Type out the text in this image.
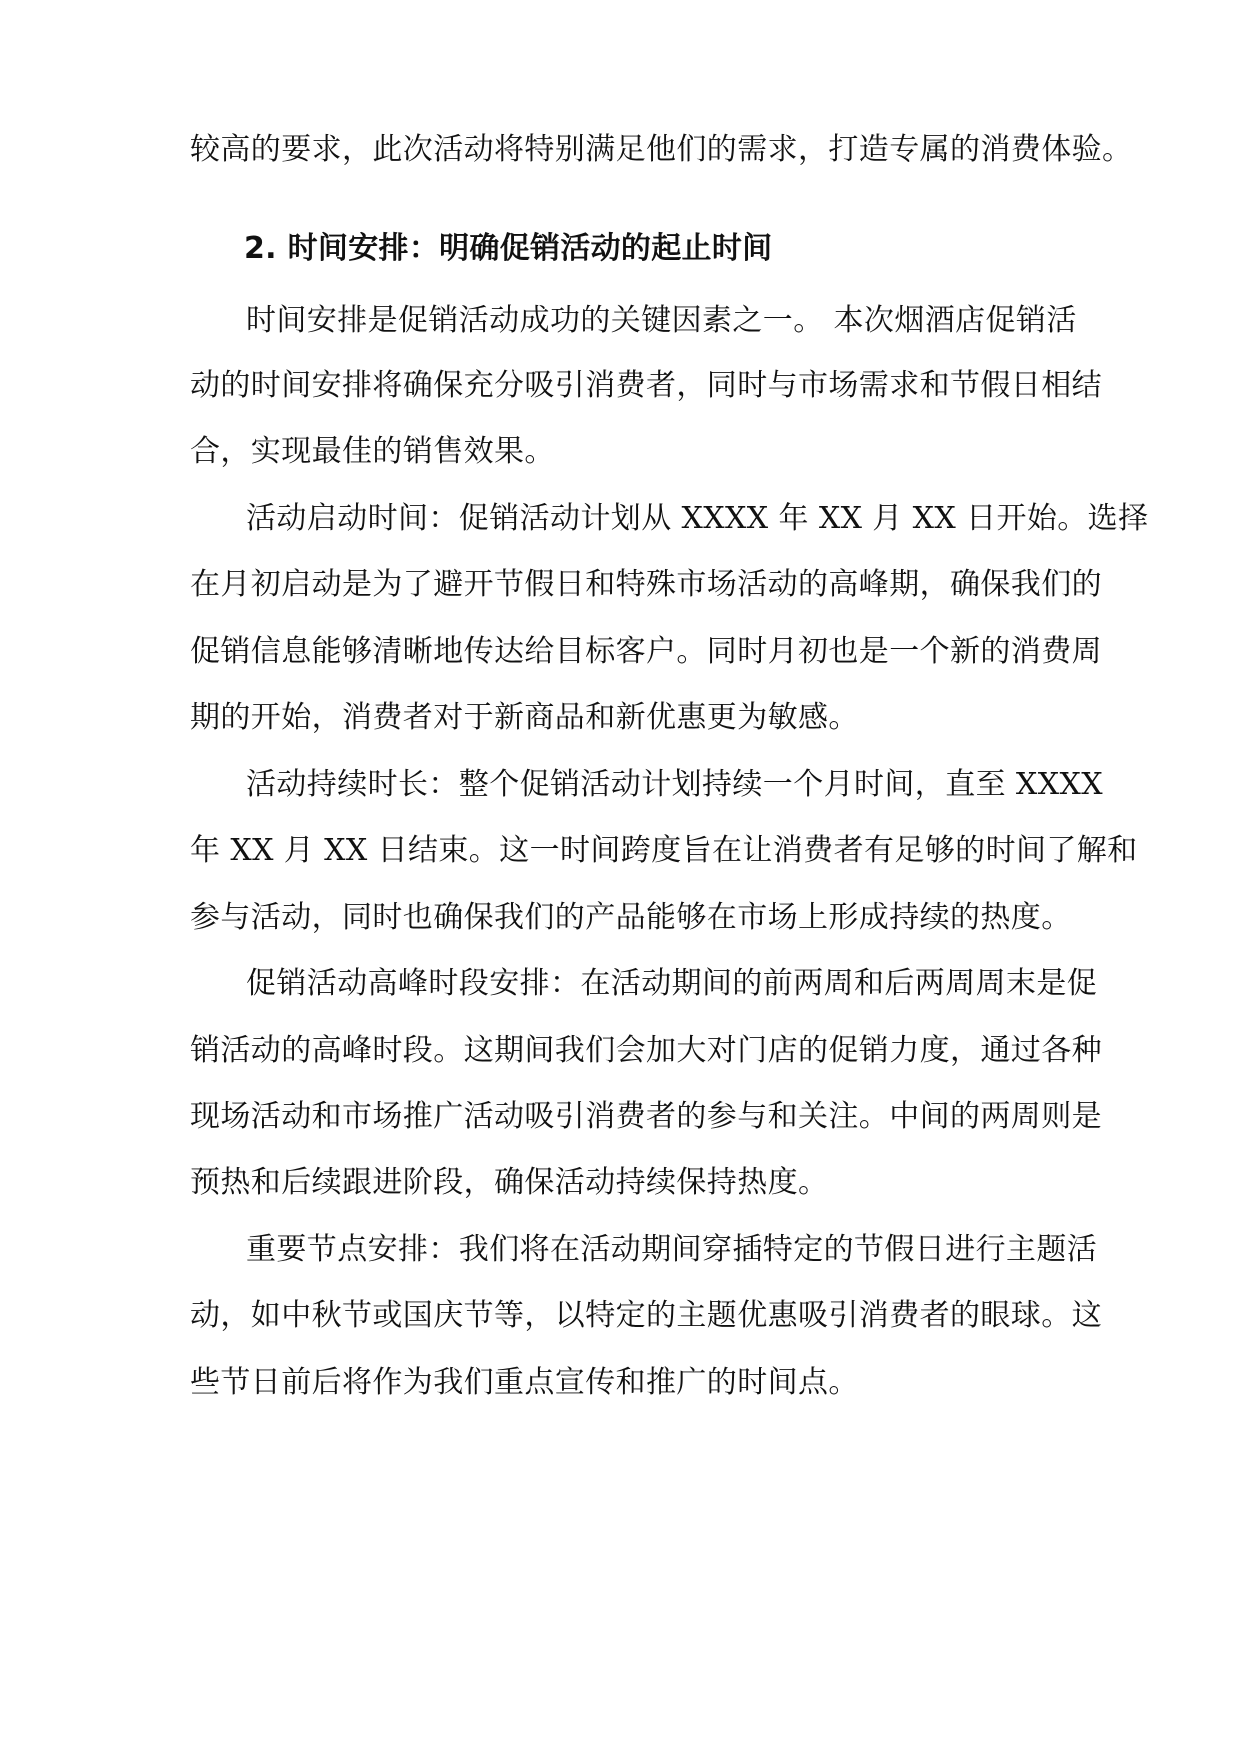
较高的要求，此次活动将特别满足他们的需求，打造专属的消费体验。
2. 时间安排：明确促销活动的起止时间
时间安排是促销活动成功的关键因素之一。 本次烟酒店促销活
动的时间安排将确保充分吸引消费者，同时与市场需求和节假日相结
合，实现最佳的销售效果。
活动启动时间：促销活动计划从 XXXX 年 XX 月 XX 日开始。选择
在月初启动是为了避开节假日和特殊市场活动的高峰期，确保我们的
促销信息能够清晰地传达给目标客户。同时月初也是一个新的消费周
期的开始，消费者对于新商品和新优惠更为敏感。
活动持续时长：整个促销活动计划持续一个月时间，直至 XXXX
年 XX 月 XX 日结束。这一时间跨度旨在让消费者有足够的时间了解和
参与活动，同时也确保我们的产品能够在市场上形成持续的热度。
促销活动高峰时段安排：在活动期间的前两周和后两周周末是促
销活动的高峰时段。这期间我们会加大对门店的促销力度，通过各种
现场活动和市场推广活动吸引消费者的参与和关注。中间的两周则是
预热和后续跟进阶段，确保活动持续保持热度。
重要节点安排：我们将在活动期间穿插特定的节假日进行主题活
动，如中秋节或国庆节等，以特定的主题优惠吸引消费者的眼球。这
些节日前后将作为我们重点宣传和推广的时间点。
